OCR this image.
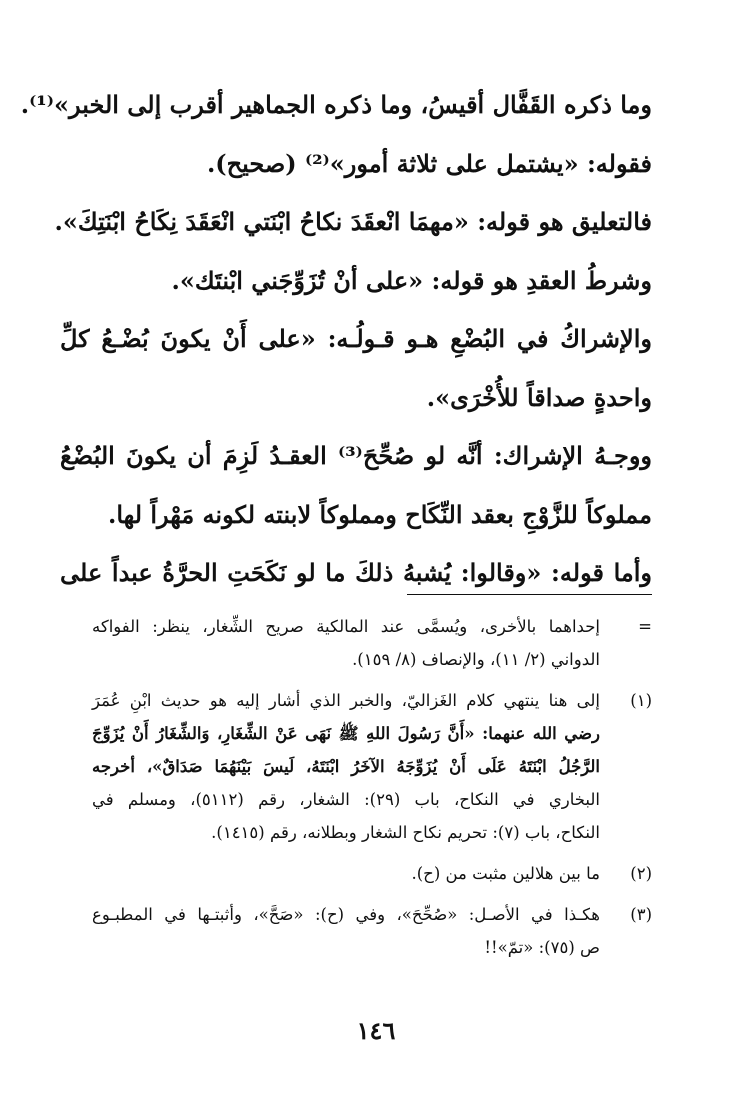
وما ذكره القَفَّال أقيسُ، وما ذكره الجماهير أقرب إلى الخبر»⁽¹⁾.
فقوله: «يشتمل على ثلاثة أمور»⁽²⁾ (صحيح).
فالتعليق هو قوله: «مهمَا انْعقَدَ نكاحُ ابْنَتي انْعَقَدَ نِكَاحُ ابْنَتِكَ».
وشرطُ العقدِ هو قوله: «على أنْ تُزَوِّجَني ابْنتَك».
والإشراكُ في البُضْعِ هـو قـولُـه: «على أَنْ يكونَ بُضْـعُ كلِّ
واحدةٍ صداقاً للأُخْرَى».
ووجـهُ الإشراك: أنَّه لو صُحِّحَ⁽³⁾ العقـدُ لَزِمَ أن يكونَ البُضْعُ
مملوكاً للزَّوْجِ بعقد النِّكَاح ومملوكاً لابنته لكونه مَهْراً لها.
وأما قوله: «وقالوا: يُشبهُ ذلكَ ما لو نَكَحَتِ الحرَّةُ عبداً على
=
إحداهما بالأخرى، ويُسمَّى عند المالكية صريح الشِّغار، ينظر: الفواكه
الدواني (٢/ ١١)، والإنصاف (٨/ ١٥٩).
(١)
إلى هنا ينتهي كلام الغَزاليّ، والخبر الذي أشار إليه هو حديث ابْنِ عُمَرَ
رضي الله عنهما: «أَنَّ رَسُولَ اللهِ ﷺ نَهَى عَنْ الشِّغَارِ، وَالشِّغَارُ أَنْ يُزَوِّجَ
الرَّجُلُ ابْنَتَهُ عَلَى أَنْ يُزَوِّجَهُ الآخَرُ ابْنَتَهُ، لَيسَ بَيْنَهُمَا صَدَاقٌ»، أخرجه
البخاري في النكاح، باب (٢٩): الشغار، رقم (٥١١٢)، ومسلم في
النكاح، باب (٧): تحريم نكاح الشغار وبطلانه، رقم (١٤١٥).
(٢)
ما بين هلالين مثبت من (ح).
(٣)
هكـذا في الأصـل: «صُحِّحَ»، وفي (ح): «صَحَّ»، وأثبتـها في المطبـوع
ص (٧٥): «تمّ»!!
١٤٦
